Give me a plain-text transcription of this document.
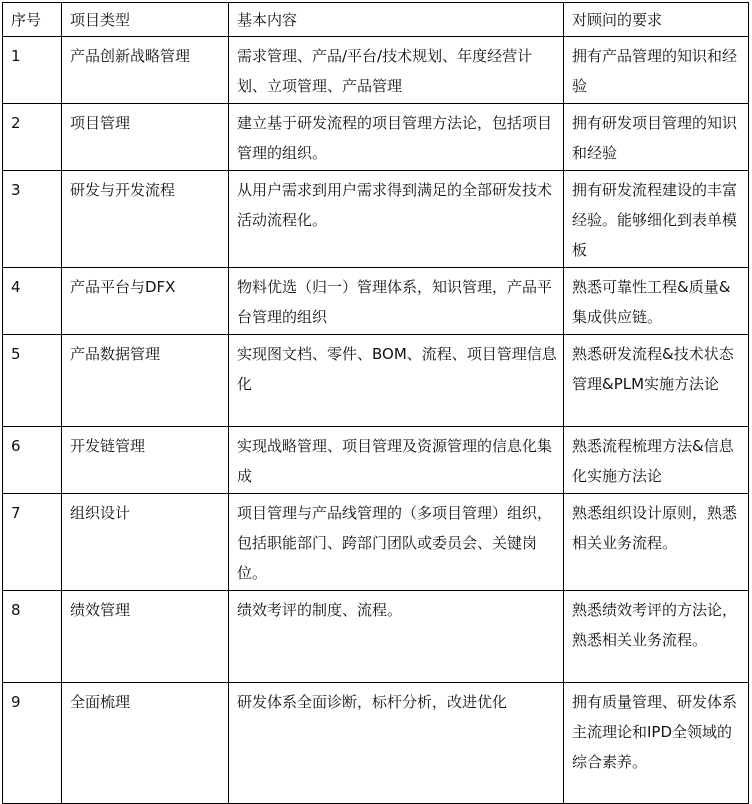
序号	项目类型	基本内容	对顾问的要求
1	产品创新战略管理	需求管理、产品/平台/技术规划、年度经营计划、立项管理、产品管理	拥有产品管理的知识和经验
2	项目管理	建立基于研发流程的项目管理方法论，包括项目管理的组织。	拥有研发项目管理的知识和经验
3	研发与开发流程	从用户需求到用户需求得到满足的全部研发技术活动流程化。	拥有研发流程建设的丰富经验。能够细化到表单模板
4	产品平台与DFX	物料优选（归一）管理体系，知识管理，产品平台管理的组织	熟悉可靠性工程&质量&集成供应链。
5	产品数据管理	实现图文档、零件、BOM、流程、项目管理信息化	熟悉研发流程&技术状态管理&PLM实施方法论
6	开发链管理	实现战略管理、项目管理及资源管理的信息化集成	熟悉流程梳理方法&信息化实施方法论
7	组织设计	项目管理与产品线管理的（多项目管理）组织，包括职能部门、跨部门团队或委员会、关键岗位。	熟悉组织设计原则，熟悉相关业务流程。
8	绩效管理	绩效考评的制度、流程。	熟悉绩效考评的方法论，熟悉相关业务流程。
9	全面梳理	研发体系全面诊断，标杆分析，改进优化	拥有质量管理、研发体系主流理论和IPD全领域的综合素养。
